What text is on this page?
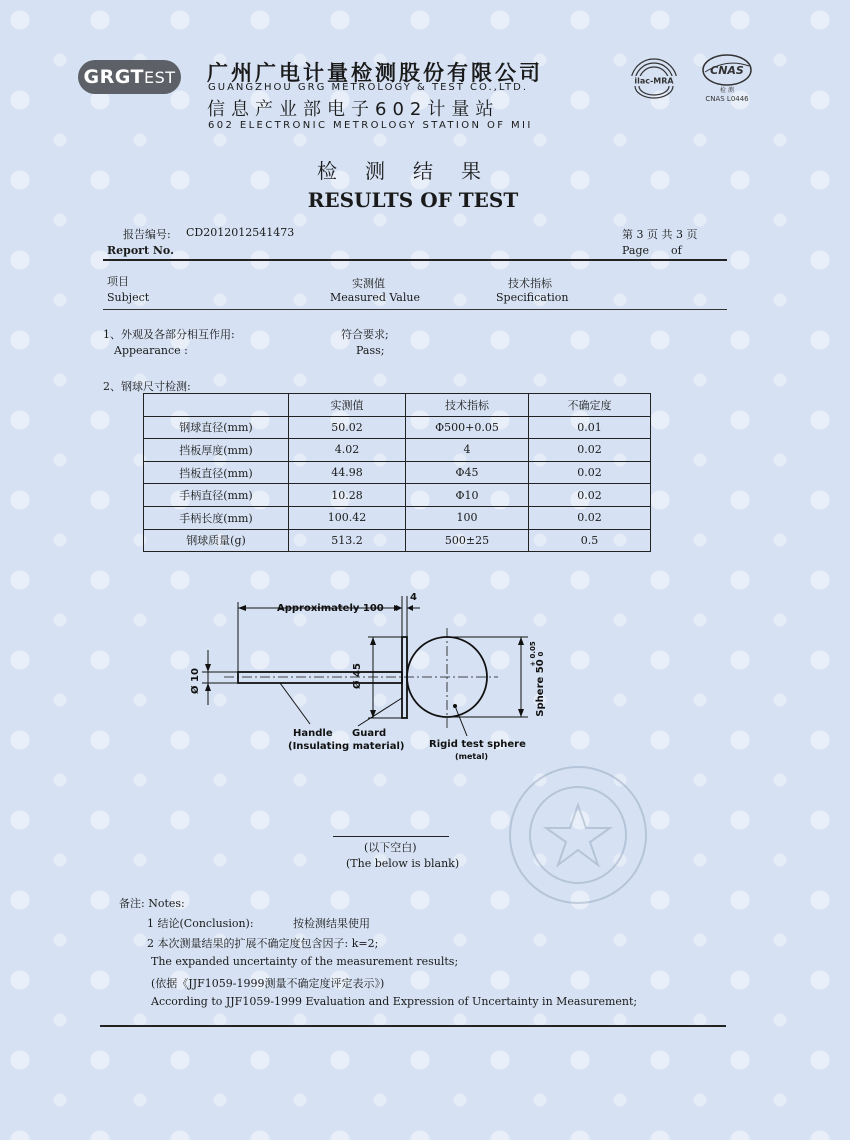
GRGT EST 广州广电计量检测股份有限公司
GUANGZHOU GRG METROLOGY & TEST CO.,LTD.
信息产业部电子602计量站
602 ELECTRONIC METROLOGY STATION OF MII
ilac-MRA
CNAS
检 测
CNAS L0446
检测结果
RESULTS OF TEST
报告编号: CD2012012541473
Report No.
第 3 页 共 3 页
Page of
项目
Subject
实测值
Measured Value
技术指标
Specification
1、外观及各部分相互作用:
Appearance :
符合要求;
Pass;
2、钢球尺寸检测:
	实测值	技术指标	不确定度
钢球直径(mm)	50.02	Φ500+0.05	0.01
挡板厚度(mm)	4.02	4	0.02
挡板直径(mm)	44.98	Φ45	0.02
手柄直径(mm)	10.28	Φ10	0.02
手柄长度(mm)	100.42	100	0.02
钢球质量(g)	513.2	500±25	0.5
Approximately 100
4
Ø 45
Ø 10	Sphere 50
+ 0.05 0
Handle
(Insulating material)
Guard
Rigid test sphere
(metal)
(以下空白)
(The below is blank)
备注: Notes:
1 结论(Conclusion):	按检测结果使用
2 本次测量结果的扩展不确定度包含因子: k=2;
The expanded uncertainty of the measurement results;
(依据《JJF1059-1999测量不确定度评定表示》)
According to JJF1059-1999 Evaluation and Expression of Uncertainty in Measurement;
